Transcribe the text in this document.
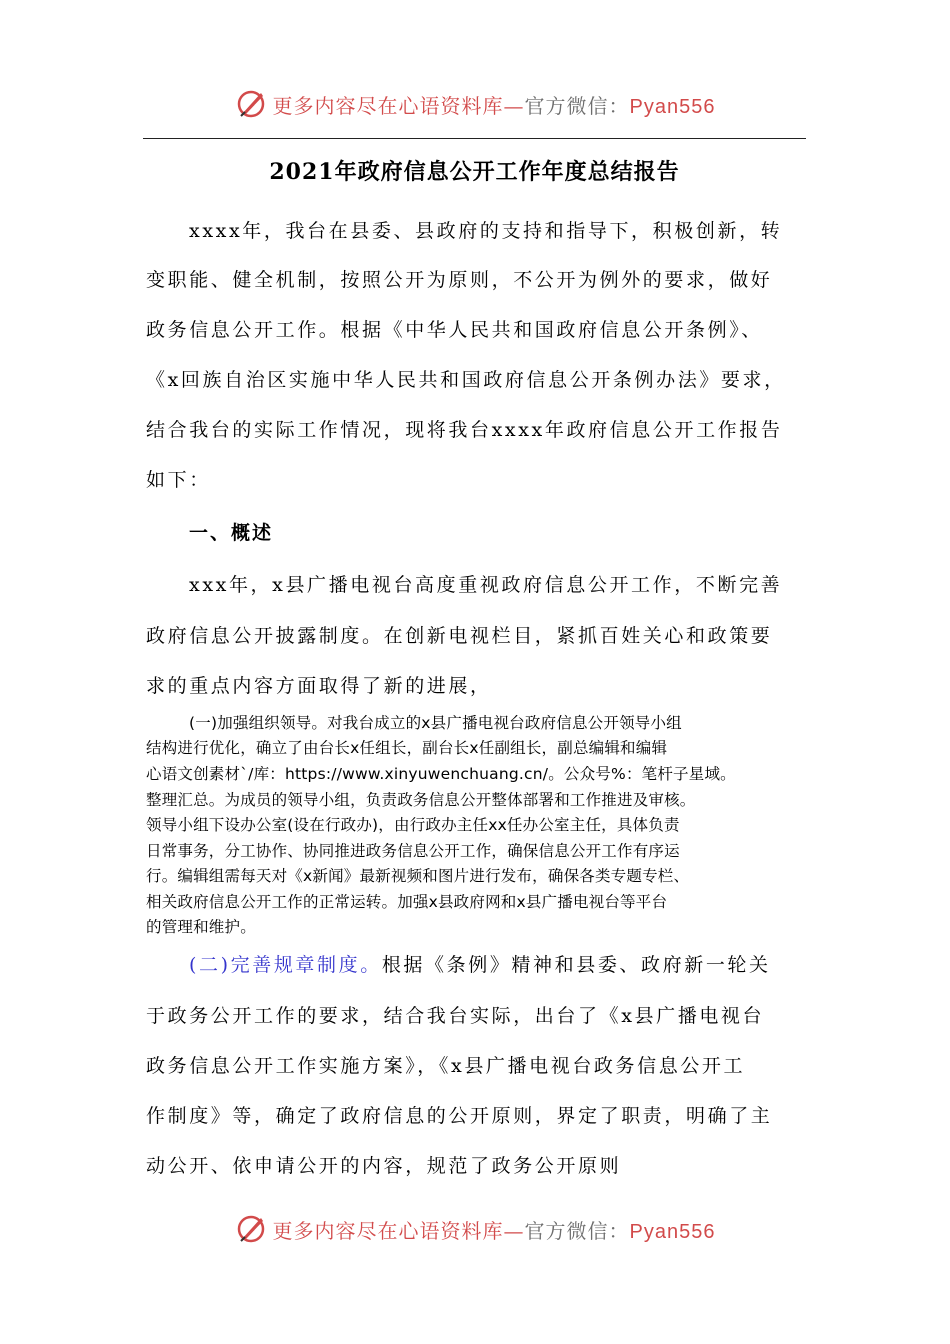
更多内容尽在心语资料库—官方微信：Pyan556
2021年政府信息公开工作年度总结报告
xxxx年，我台在县委、县政府的支持和指导下，积极创新，转
变职能、健全机制，按照公开为原则，不公开为例外的要求，做好
政务信息公开工作。根据《中华人民共和国政府信息公开条例》、
《x回族自治区实施中华人民共和国政府信息公开条例办法》要求，
结合我台的实际工作情况，现将我台xxxx年政府信息公开工作报告
如下：
一、概述
xxx年，x县广播电视台高度重视政府信息公开工作，不断完善
政府信息公开披露制度。在创新电视栏目，紧抓百姓关心和政策要
求的重点内容方面取得了新的进展，
(一)加强组织领导。对我台成立的x县广播电视台政府信息公开领导小组
结构进行优化，确立了由台长x任组长，副台长x任副组长，副总编辑和编辑
心语文创素材`/库：https://www.xinyuwenchuang.cn/。公众号%：笔杆子星域。
整理汇总。为成员的领导小组，负责政务信息公开整体部署和工作推进及审核。
领导小组下设办公室(设在行政办)，由行政办主任xx任办公室主任，具体负责
日常事务，分工协作、协同推进政务信息公开工作，确保信息公开工作有序运
行。编辑组需每天对《x新闻》最新视频和图片进行发布，确保各类专题专栏、
相关政府信息公开工作的正常运转。加强x县政府网和x县广播电视台等平台
的管理和维护。
(二)完善规章制度。根据《条例》精神和县委、政府新一轮关
于政务公开工作的要求，结合我台实际，出台了《x县广播电视台
政务信息公开工作实施方案》，《x县广播电视台政务信息公开工
作制度》等，确定了政府信息的公开原则，界定了职责，明确了主
动公开、依申请公开的内容，规范了政务公开原则
更多内容尽在心语资料库—官方微信：Pyan556
